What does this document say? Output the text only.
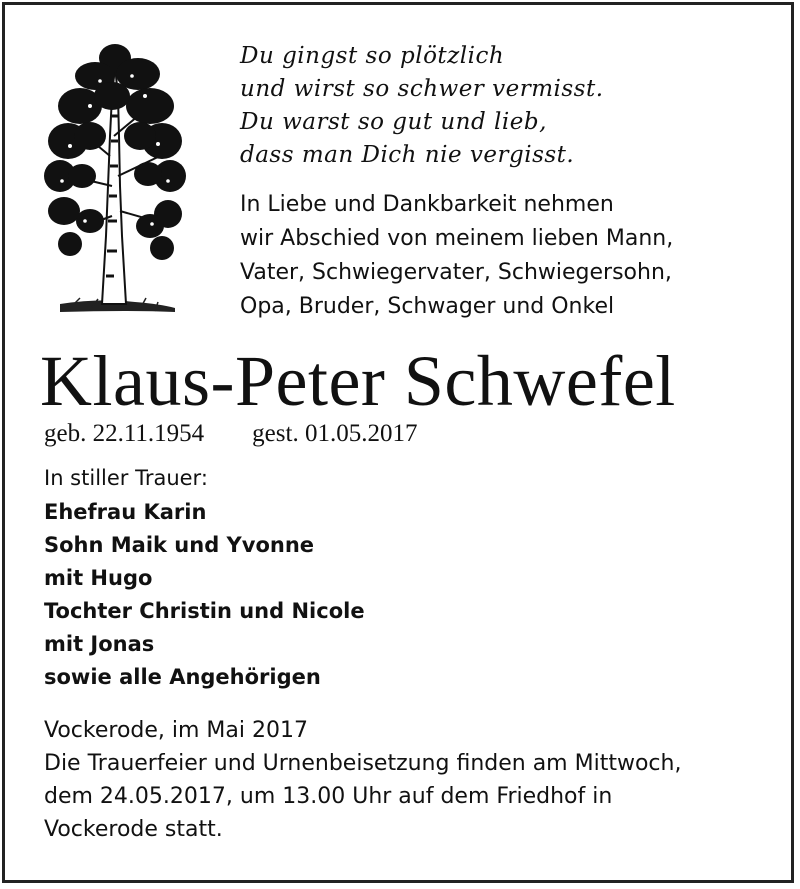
Du gingst so plötzlich
und wirst so schwer vermisst.
Du warst so gut und lieb,
dass man Dich nie vergisst.
In Liebe und Dankbarkeit nehmen
wir Abschied von meinem lieben Mann,
Vater, Schwiegervater, Schwiegersohn,
Opa, Bruder, Schwager und Onkel
Klaus-Peter Schwefel
geb. 22.11.1954 gest. 01.05.2017
In stiller Trauer:
Ehefrau Karin
Sohn Maik und Yvonne
mit Hugo
Tochter Christin und Nicole
mit Jonas
sowie alle Angehörigen
Vockerode, im Mai 2017
Die Trauerfeier und Urnenbeisetzung finden am Mittwoch,
dem 24.05.2017, um 13.00 Uhr auf dem Friedhof in
Vockerode statt.
